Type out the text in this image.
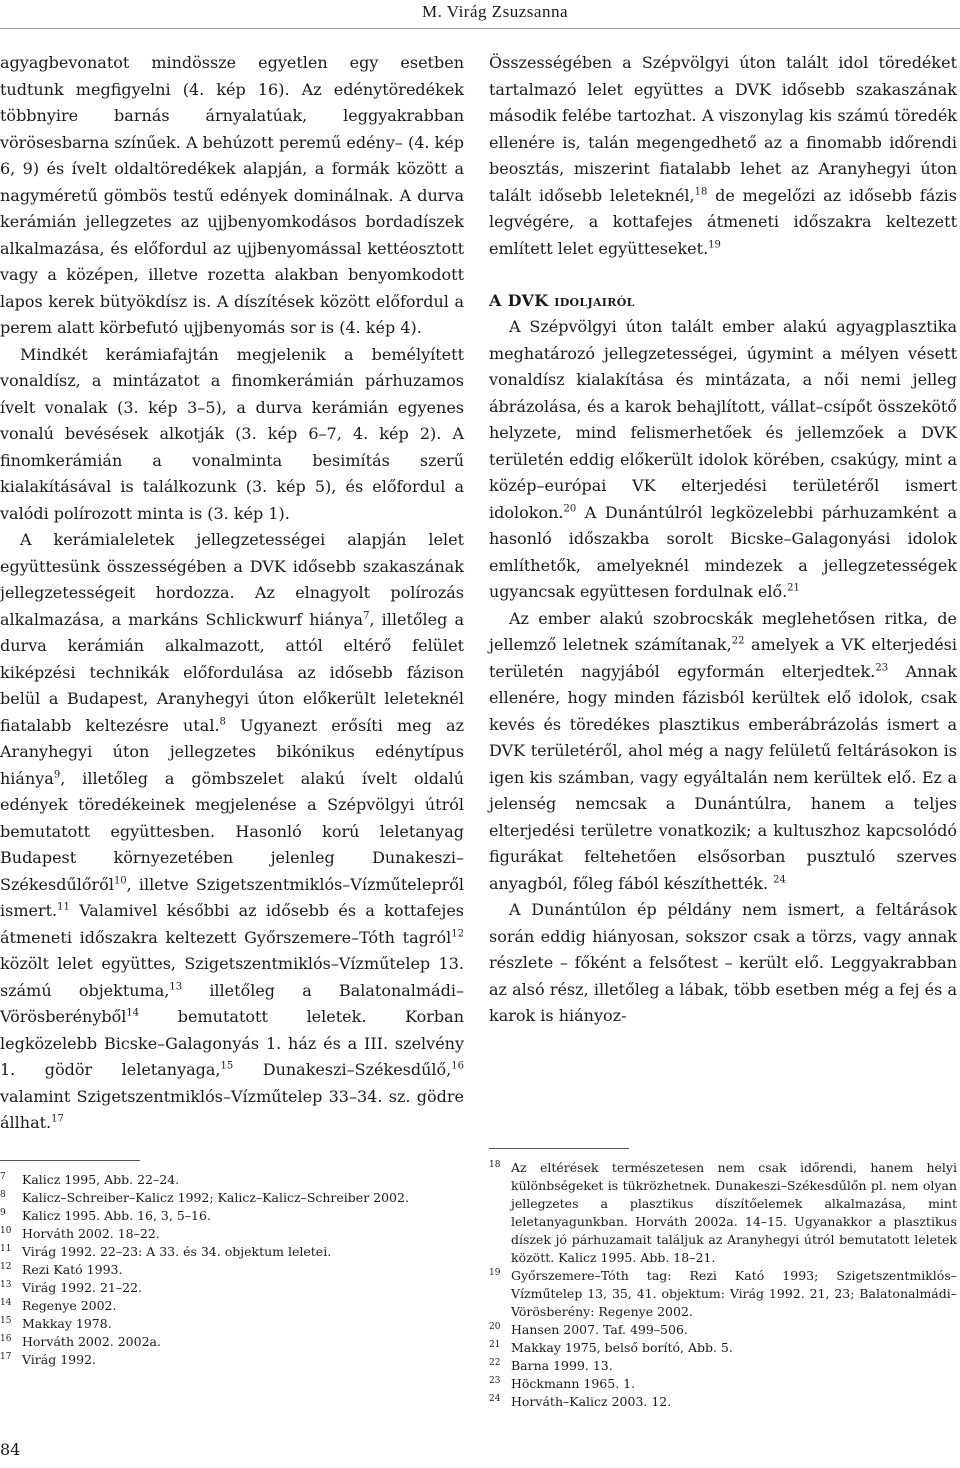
M. Virág Zsuzsanna

agyagbevonatot mindössze egyetlen egy esetben tudtunk megfigyelni (4. kép 16). Az edénytöredékek többnyire barnás árnyalatúak, leggyakrabban vörösesbarna színűek. A behúzott peremű edény– (4. kép 6, 9) és ívelt oldaltöredékek alapján, a formák között a nagyméretű gömbös testű edények dominálnak. A durva kerámián jellegzetes az ujjbenyomkodásos bordadíszek alkalmazása, és előfordul az ujjbenyomással kettéosztott vagy a középen, illetve rozetta alakban benyomkodott lapos kerek bütyökdísz is. A díszítések között előfordul a perem alatt körbefutó ujjbenyomás sor is (4. kép 4).

Mindkét kerámiafajtán megjelenik a bemélyített vonaldísz, a mintázatot a finomkerámián párhuzamos ívelt vonalak (3. kép 3–5), a durva kerámián egyenes vonalú bevésések alkotják (3. kép 6–7, 4. kép 2). A finomkerámián a vonalminta besimítás szerű kialakításával is találkozunk (3. kép 5), és előfordul a valódi polírozott minta is (3. kép 1).

A kerámialeletek jellegzetességei alapján lelet együttesünk összességében a DVK idősebb szakaszának jellegzetességeit hordozza. Az elnagyolt polírozás alkalmazása, a markáns Schlickwurf hiánya$^7$, illetőleg a durva kerámián alkalmazott, attól eltérő felület kiképzési technikák előfordulása az idősebb fázison belül a Budapest, Aranyhegyi úton előkerült leleteknél fiatalabb keltezésre utal.$^8$ Ugyanezt erősíti meg az Aranyhegyi úton jellegzetes bikónikus edénytípus hiánya$^9$, illetőleg a gömbszelet alakú ívelt oldalú edények töredékeinek megjelenése a Szépvölgyi útról bemutatott együttesben. Hasonló korú leletanyag Budapest környezetében jelenleg Dunakeszi–Székesdűlőről$^{10}$, illetve Szigetszentmiklós–Vízműtelepről ismert.$^{11}$ Valamivel későbbi az idősebb és a kottafejes átmeneti időszakra keltezett Győrszemere–Tóth tagról$^{12}$ közölt lelet együttes, Szigetszentmiklós–Vízműtelep 13. számú objektuma,$^{13}$ illetőleg a Balatonalmádi–Vörösberényből$^{14}$ bemutatott leletek. Korban legközelebb Bicske–Galagonyás 1. ház és a III. szelvény 1. gödör leletanyaga,$^{15}$ Dunakeszi–Székesdűlő,$^{16}$ valamint Szigetszentmiklós–Vízműtelep 33–34. sz. gödre állhat.$^{17}$

Összességében a Szépvölgyi úton talált idol töredéket tartalmazó lelet együttes a DVK idősebb szakaszának második felébe tartozhat. A viszonylag kis számú töredék ellenére is, talán megengedhető az a finomabb időrendi beosztás, miszerint fiatalabb lehet az Aranyhegyi úton talált idősebb leleteknél,$^{18}$ de megelőzi az idősebb fázis legvégére, a kottafejes átmeneti időszakra keltezett említett lelet együtteseket.$^{19}$

A DVK idoljairól

A Szépvölgyi úton talált ember alakú agyagplasztika meghatározó jellegzetességei, úgymint a mélyen vésett vonaldísz kialakítása és mintázata, a női nemi jelleg ábrázolása, és a karok behajlított, vállat–csípőt összekötő helyzete, mind felismerhetőek és jellemzőek a DVK területén eddig előkerült idolok körében, csakúgy, mint a közép–európai VK elterjedési területéről ismert idolokon.$^{20}$ A Dunántúlról legközelebbi párhuzamként a hasonló időszakba sorolt Bicske–Galagonyási idolok említhetők, amelyeknél mindezek a jellegzetességek ugyancsak együttesen fordulnak elő.$^{21}$

Az ember alakú szobrocskák meglehetősen ritka, de jellemző leletnek számítanak,$^{22}$ amelyek a VK elterjedési területén nagyjából egyformán elterjedtek.$^{23}$ Annak ellenére, hogy minden fázisból kerültek elő idolok, csak kevés és töredékes plasztikus emberábrázolás ismert a DVK területéről, ahol még a nagy felületű feltárásokon is igen kis számban, vagy egyáltalán nem kerültek elő. Ez a jelenség nemcsak a Dunántúlra, hanem a teljes elterjedési területre vonatkozik; a kultuszhoz kapcsolódó figurákat feltehetően elsősorban pusztuló szerves anyagból, főleg fából készíthették. $^{24}$

A Dunántúlon ép példány nem ismert, a feltárások során eddig hiányosan, sokszor csak a törzs, vagy annak részlete – főként a felsőtest – került elő. Leggyakrabban az alsó rész, illetőleg a lábak, több esetben még a fej és a karok is hiányoz-

7 Kalicz 1995, Abb. 22–24.
8 Kalicz–Schreiber–Kalicz 1992; Kalicz–Kalicz–Schreiber 2002.
9 Kalicz 1995. Abb. 16, 3, 5–16.
10 Horváth 2002. 18–22.
11 Virág 1992. 22–23: A 33. és 34. objektum leletei.
12 Rezi Kató 1993.
13 Virág 1992. 21–22.
14 Regenye 2002.
15 Makkay 1978.
16 Horváth 2002. 2002a.
17 Virág 1992.
18 Az eltérések természetesen nem csak időrendi, hanem helyi különbségeket is tükrözhetnek. Dunakeszi–Székesdűlőn pl. nem olyan jellegzetes a plasztikus díszítőelemek alkalmazása, mint leletanyagunkban. Horváth 2002a. 14–15. Ugyanakkor a plasztikus díszek jó párhuzamait találjuk az Aranyhegyi útról bemutatott leletek között. Kalicz 1995. Abb. 18–21.
19 Győrszemere–Tóth tag: Rezi Kató 1993; Szigetszentmiklós–Vízműtelep 13, 35, 41. objektum: Virág 1992. 21, 23; Balatonalmádi–Vörösberény: Regenye 2002.
20 Hansen 2007. Taf. 499–506.
21 Makkay 1975, belső borító, Abb. 5.
22 Barna 1999. 13.
23 Höckmann 1965. 1.
24 Horváth–Kalicz 2003. 12.
84
